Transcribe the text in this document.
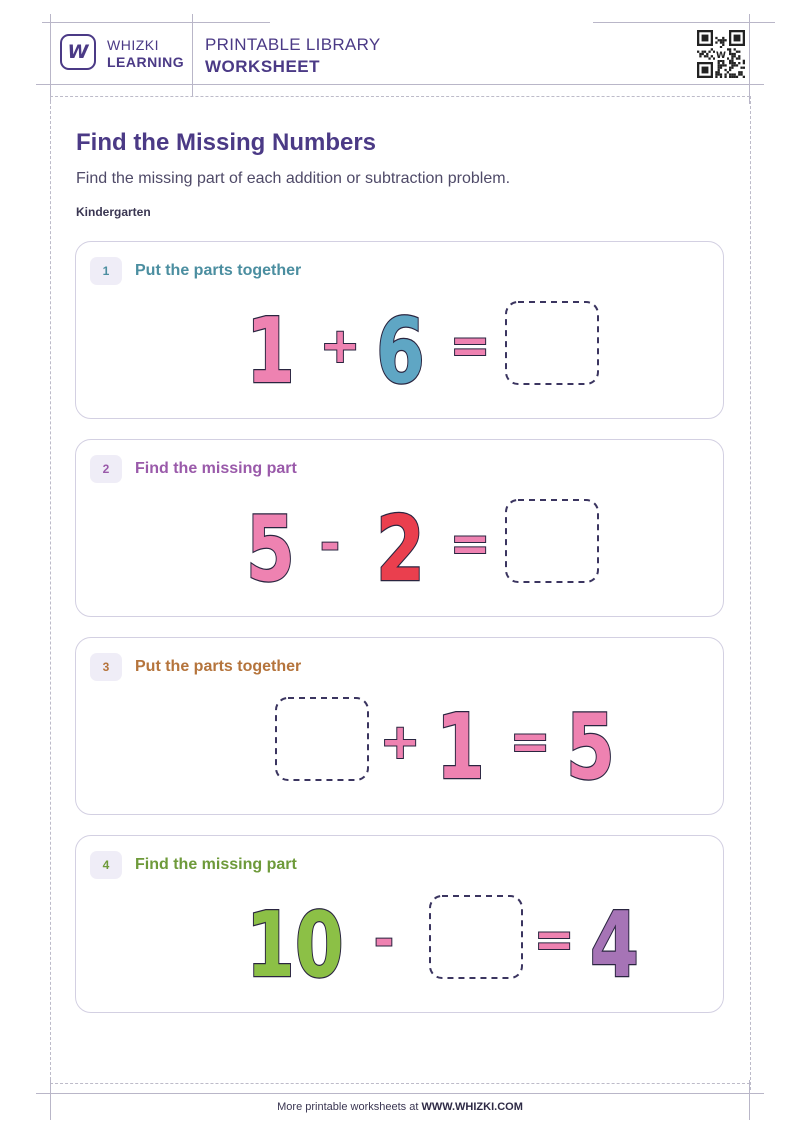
W WHIZKI
LEARNING
PRINTABLE LIBRARY
WORKSHEET
W
Find the Missing Numbers
Find the missing part of each addition or subtraction problem.
Kindergarten
1	Put the parts together
1 + 6 =
2	Find the missing part
5 - 2 =
3	Put the parts together
+ 1 = 5
4	Find the missing part
10 -	= 4
More printable worksheets at WWW.WHIZKI.COM
